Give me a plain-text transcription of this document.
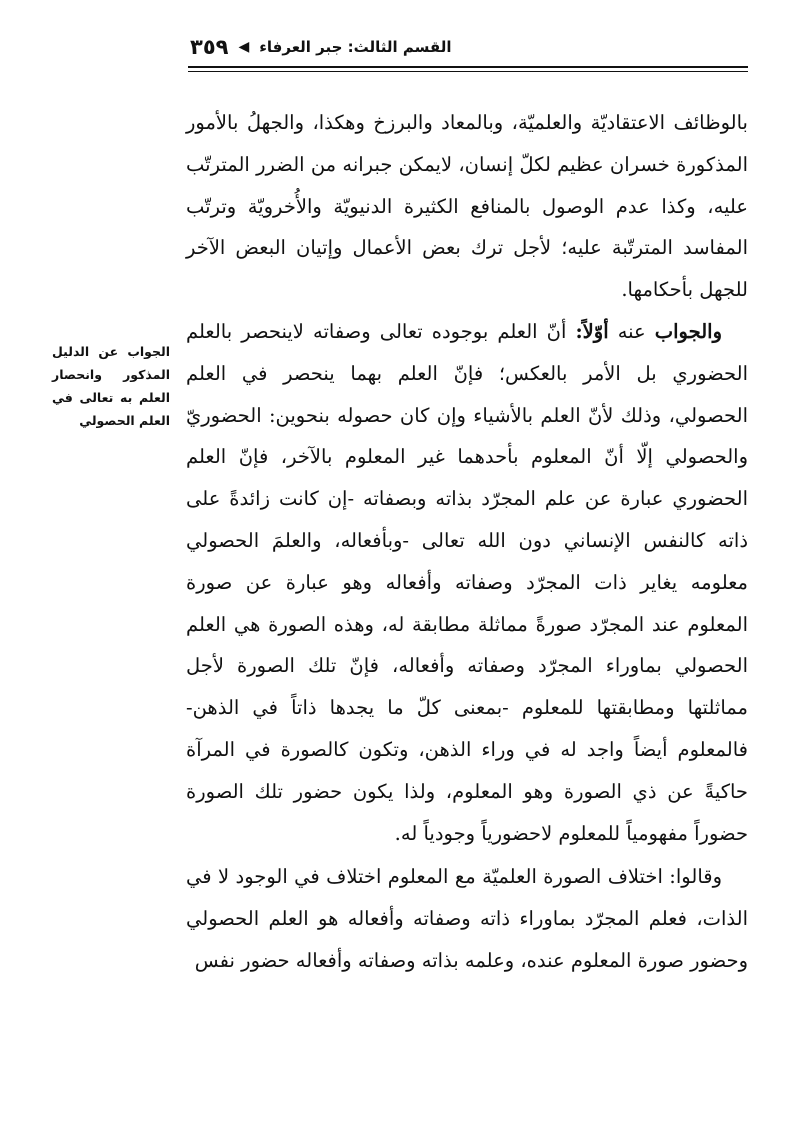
القسم الثالث: جبر العرفاء
◀
٣٥٩
الجواب عن الدليل المذكور وانحصار العلم به تعالى في العلم الحصولي

بالوظائف الاعتقاديّة والعلميّة، وبالمعاد والبرزخ وهكذا، والجهلُ بالأمور المذكورة خسران عظيم لكلّ إنسان، لايمكن جبرانه من الضرر المترتّب عليه، وكذا عدم الوصول بالمنافع الكثيرة الدنيويّة والأُخرويّة وترتّب المفاسد المترتّبة عليه؛ لأجل ترك بعض الأعمال وإتيان البعض الآخر للجهل بأحكامها.

والجواب عنه أوّلاً: أنّ العلم بوجوده تعالى وصفاته لاينحصر بالعلم الحضوري بل الأمر بالعكس؛ فإنّ العلم بهما ينحصر في العلم الحصولي، وذلك لأنّ العلم بالأشياء وإن كان حصوله بنحوين: الحضوريّ والحصولي إلّا أنّ المعلوم بأحدهما غير المعلوم بالآخر، فإنّ العلم الحضوري عبارة عن علم المجرّد بذاته وبصفاته -إن كانت زائدةً على ذاته كالنفس الإنساني دون الله تعالى -وبأفعاله، والعلمَ الحصولي معلومه يغاير ذات المجرّد وصفاته وأفعاله وهو عبارة عن صورة المعلوم عند المجرّد صورةً مماثلة مطابقة له، وهذه الصورة هي العلم الحصولي بماوراء المجرّد وصفاته وأفعاله، فإنّ تلك الصورة لأجل مماثلتها ومطابقتها للمعلوم -بمعنى كلّ ما يجدها ذاتاً في الذهن- فالمعلوم أيضاً واجد له في وراء الذهن، وتكون كالصورة في المرآة حاكيةً عن ذي الصورة وهو المعلوم، ولذا يكون حضور تلك الصورة حضوراً مفهومياً للمعلوم لاحضورياً وجودياً له.

وقالوا: اختلاف الصورة العلميّة مع المعلوم اختلاف في الوجود لا في الذات، فعلم المجرّد بماوراء ذاته وصفاته وأفعاله هو العلم الحصولي وحضور صورة المعلوم عنده، وعلمه بذاته وصفاته وأفعاله حضور نفس
